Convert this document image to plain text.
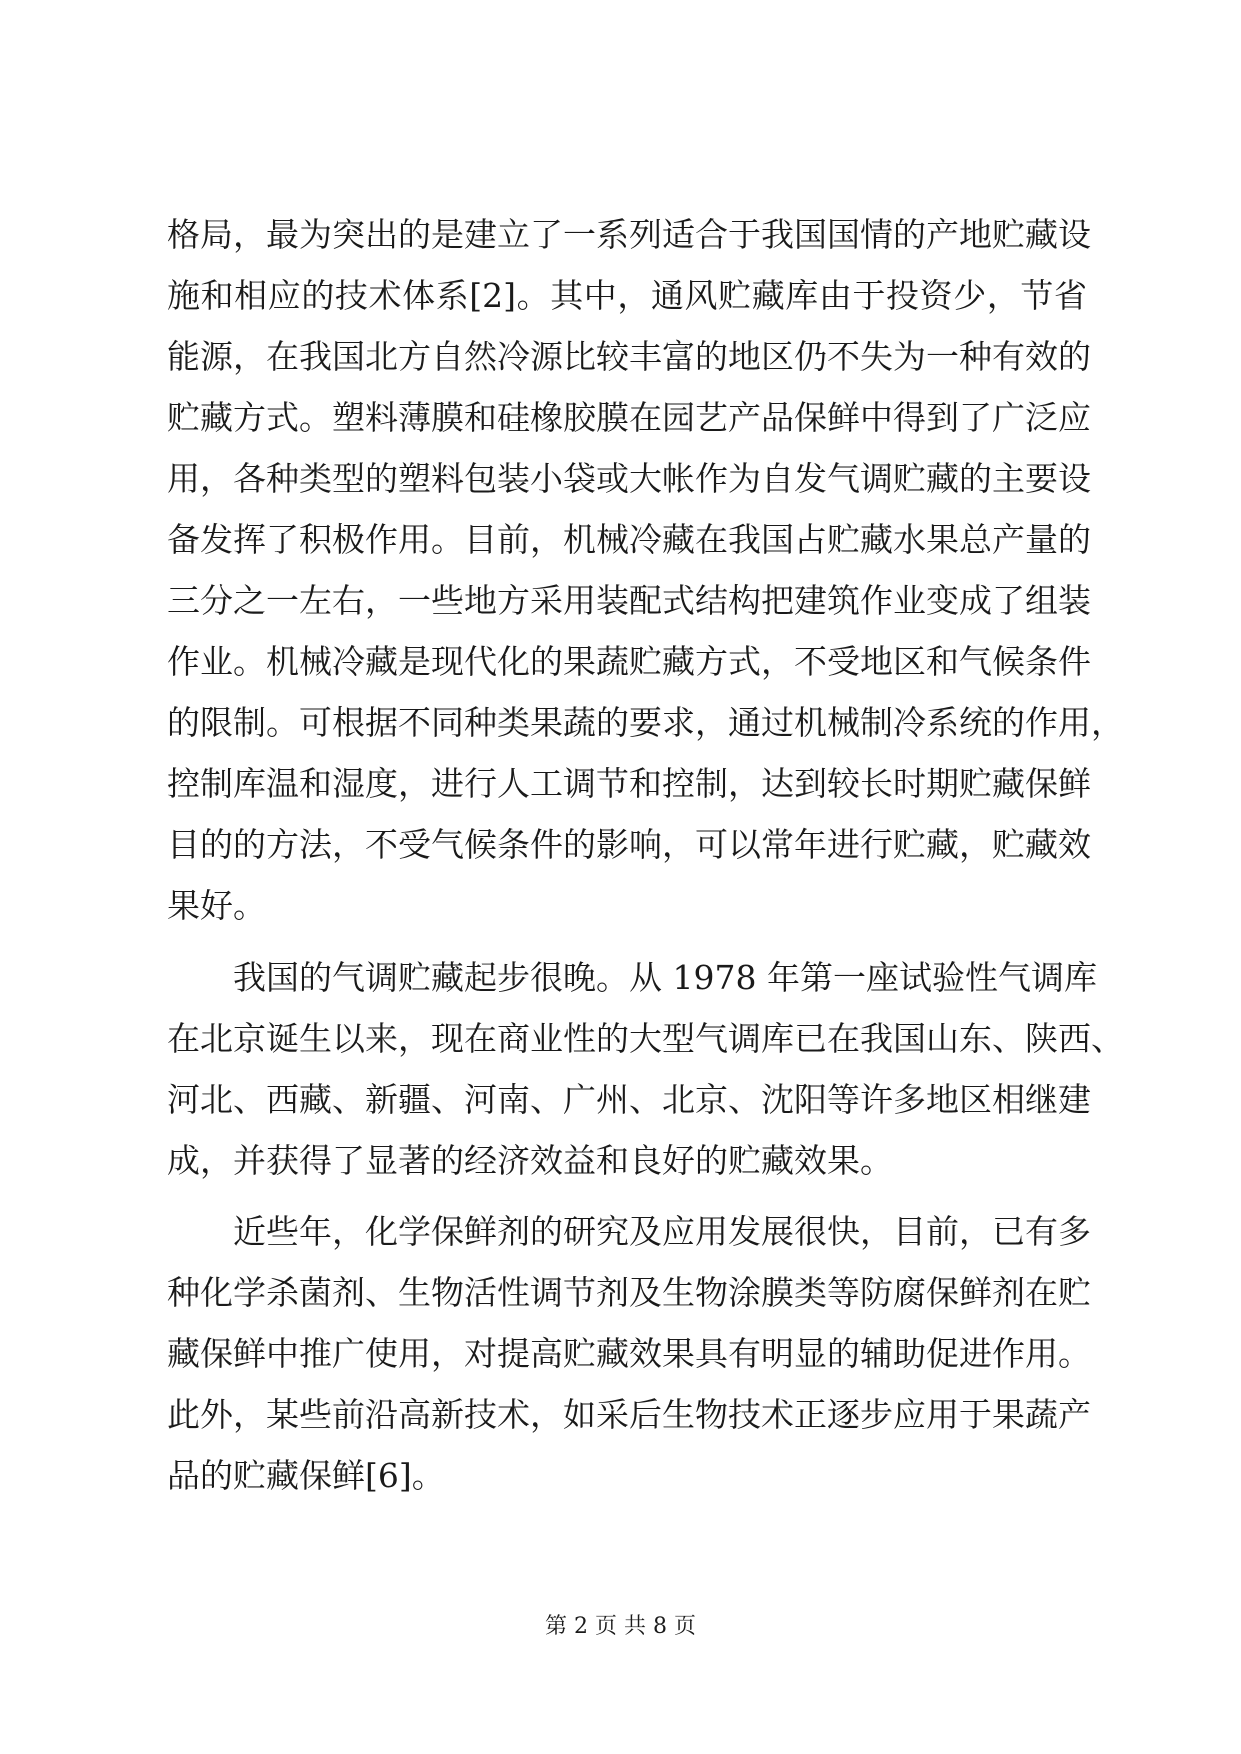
格局，最为突出的是建立了一系列适合于我国国情的产地贮藏设
施和相应的技术体系[2]。其中，通风贮藏库由于投资少，节省
能源，在我国北方自然冷源比较丰富的地区仍不失为一种有效的
贮藏方式。塑料薄膜和硅橡胶膜在园艺产品保鲜中得到了广泛应
用，各种类型的塑料包装小袋或大帐作为自发气调贮藏的主要设
备发挥了积极作用。目前，机械冷藏在我国占贮藏水果总产量的
三分之一左右，一些地方采用装配式结构把建筑作业变成了组装
作业。机械冷藏是现代化的果蔬贮藏方式，不受地区和气候条件
的限制。可根据不同种类果蔬的要求，通过机械制冷系统的作用，
控制库温和湿度，进行人工调节和控制，达到较长时期贮藏保鲜
目的的方法，不受气候条件的影响，可以常年进行贮藏，贮藏效
果好。
　　我国的气调贮藏起步很晚。从 1978 年第一座试验性气调库
在北京诞生以来，现在商业性的大型气调库已在我国山东、陕西、
河北、西藏、新疆、河南、广州、北京、沈阳等许多地区相继建
成，并获得了显著的经济效益和良好的贮藏效果。
　　近些年，化学保鲜剂的研究及应用发展很快，目前，已有多
种化学杀菌剂、生物活性调节剂及生物涂膜类等防腐保鲜剂在贮
藏保鲜中推广使用，对提高贮藏效果具有明显的辅助促进作用。
此外，某些前沿高新技术，如采后生物技术正逐步应用于果蔬产
品的贮藏保鲜[6]。
第 2 页 共 8 页
